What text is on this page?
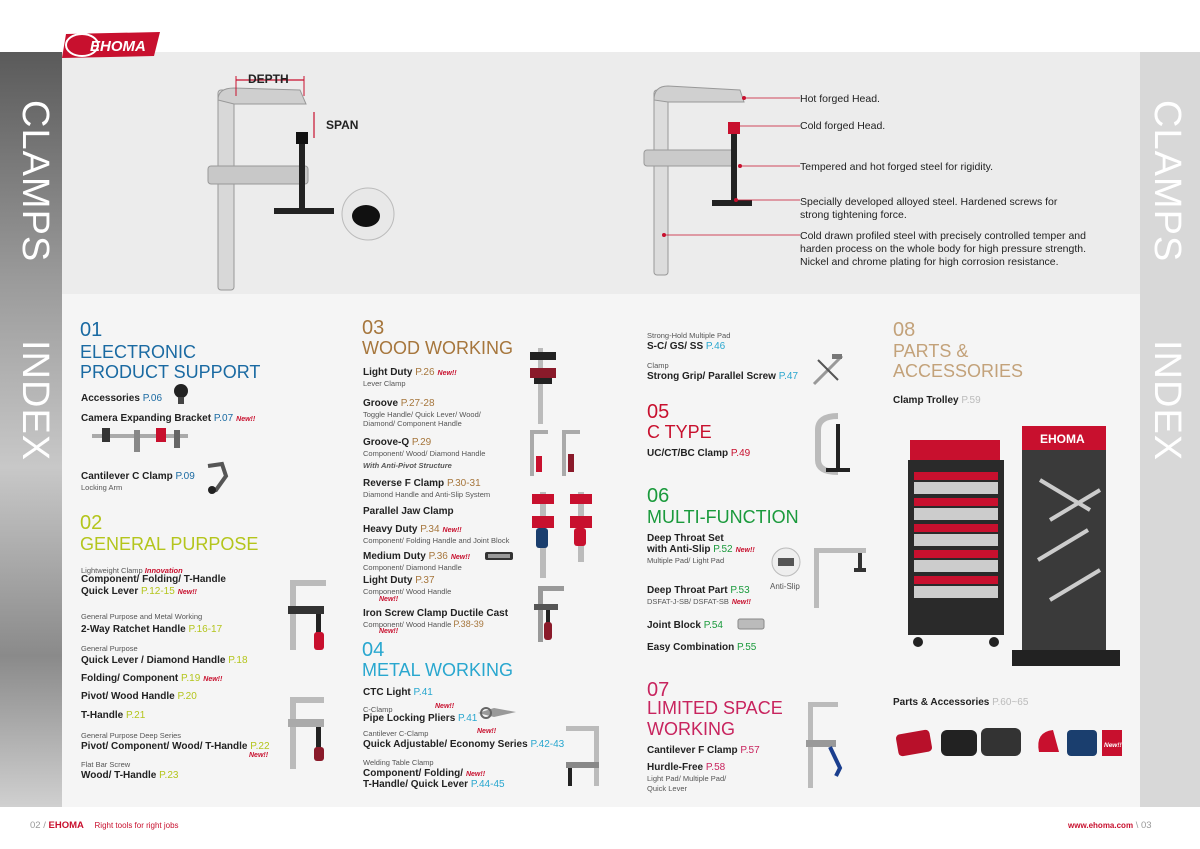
CLAMPS
INDEX
CLAMPS
INDEX
EHOMA
DEPTH
SPAN
Hot forged Head.
Cold forged Head.
Tempered and hot forged steel for rigidity.
Specially developed alloyed steel. Hardened screws for
strong tightening force.
Cold drawn profiled steel with precisely controlled temper and
harden process on the whole body for high pressure strength.
Nickel and chrome plating for high corrosion resistance.
01
ELECTRONIC
PRODUCT SUPPORT
Accessories P.06
Camera Expanding Bracket P.07 New!!
Cantilever C Clamp P.09
Locking Arm
02
GENERAL PURPOSE
Lightweight Clamp Innovation
Component/ Folding/ T-Handle
Quick Lever P.12-15 New!!
General Purpose and Metal Working
2-Way Ratchet Handle P.16-17
General Purpose
Quick Lever / Diamond Handle P.18
Folding/ Component P.19 New!!
Pivot/ Wood Handle P.20
T-Handle P.21
General Purpose Deep Series
Pivot/ Component/ Wood/ T-Handle P.22
New!!
Flat Bar Screw
Wood/ T-Handle P.23
03
WOOD WORKING
Light Duty P.26 New!!
Lever Clamp
Groove P.27-28
Toggle Handle/ Quick Lever/ Wood/
Diamond/ Component Handle
Groove-Q P.29
Component/ Wood/ Diamond Handle
With Anti-Pivot Structure
Reverse F Clamp P.30-31
Diamond Handle and Anti-Slip System
Parallel Jaw Clamp
Heavy Duty P.34 New!!
Component/ Folding Handle and Joint Block
Medium Duty P.36 New!!
Component/ Diamond Handle
Light Duty P.37
Component/ Wood Handle
New!!
Iron Screw Clamp Ductile Cast
Component/ Wood Handle P.38-39
New!!
04
METAL WORKING
CTC Light P.41
C-Clamp	New!!
Pipe Locking Pliers P.41
Cantilever C-Clamp	New!!
Quick Adjustable/ Economy Series P.42-43
Welding Table Clamp
Component/ Folding/ New!!
T-Handle/ Quick Lever P.44-45
Strong-Hold Multiple Pad
S-C/ GS/ SS P.46
Clamp
Strong Grip/ Parallel Screw P.47
05
C TYPE
UC/CT/BC Clamp P.49
06
MULTI-FUNCTION
Deep Throat Set
with Anti-Slip P.52 New!!
Multiple Pad/ Light Pad
Anti-Slip
Deep Throat Part P.53
DSFAT-J-SB/ DSFAT-SB New!!
Joint Block P.54
Easy Combination P.55
07
LIMITED SPACE
WORKING
Cantilever F Clamp P.57
Hurdle-Free P.58
Light Pad/ Multiple Pad/
Quick Lever
08
PARTS &
ACCESSORIES
Clamp Trolley P.59
EHOMA
Parts & Accessories P.60~65
New!!
02 / EHOMA Right tools for right jobs	www.ehoma.com \ 03
